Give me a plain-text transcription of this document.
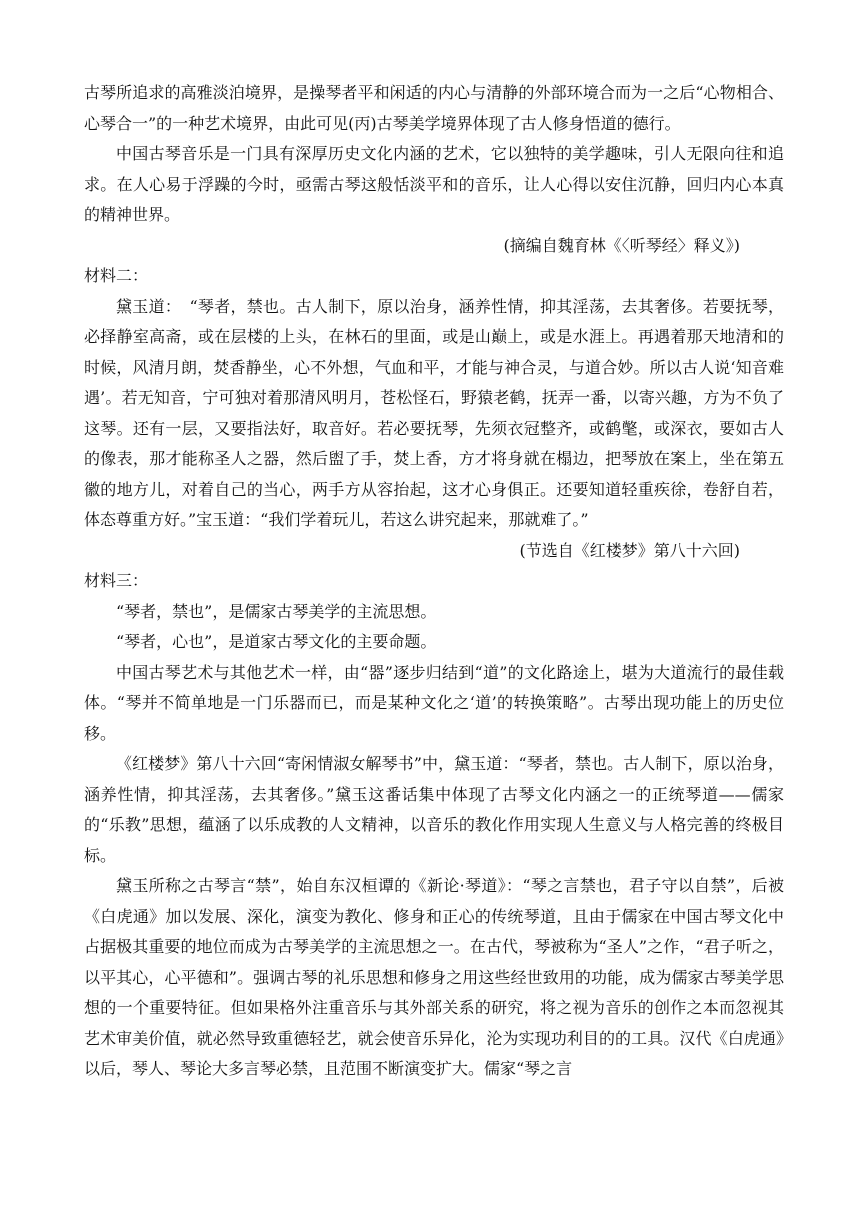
古琴所追求的高雅淡泊境界，是操琴者平和闲适的内心与清静的外部环境合而为一之后“心物相合、心琴合一”的一种艺术境界，由此可见(丙)古琴美学境界体现了古人修身悟道的德行。

中国古琴音乐是一门具有深厚历史文化内涵的艺术，它以独特的美学趣味，引人无限向往和追求。在人心易于浮躁的今时，亟需古琴这般恬淡平和的音乐，让人心得以安住沉静，回归内心本真的精神世界。

(摘编自魏育林《〈听琴经〉释义》)

材料二：

黛玉道：　“琴者，禁也。古人制下，原以治身，涵养性情，抑其淫荡，去其奢侈。若要抚琴，必择静室高斋，或在层楼的上头，在林石的里面，或是山巅上，或是水涯上。再遇着那天地清和的时候，风清月朗，焚香静坐，心不外想，气血和平，才能与神合灵，与道合妙。所以古人说‘知音难遇’。若无知音，宁可独对着那清风明月，苍松怪石，野猿老鹤，抚弄一番，以寄兴趣，方为不负了这琴。还有一层，又要指法好，取音好。若必要抚琴，先须衣冠整齐，或鹤氅，或深衣，要如古人的像表，那才能称圣人之器，然后盥了手，焚上香，方才将身就在榻边，把琴放在案上，坐在第五徽的地方儿，对着自己的当心，两手方从容抬起，这才心身俱正。还要知道轻重疾徐，卷舒自若，体态尊重方好。”宝玉道：“我们学着玩儿，若这么讲究起来，那就难了。”

(节选自《红楼梦》第八十六回)

材料三：

“琴者，禁也”，是儒家古琴美学的主流思想。

“琴者，心也”，是道家古琴文化的主要命题。

中国古琴艺术与其他艺术一样，由“器”逐步归结到“道”的文化路途上，堪为大道流行的最佳载体。“琴并不简单地是一门乐器而已，而是某种文化之‘道’的转换策略”。古琴出现功能上的历史位移。

《红楼梦》第八十六回“寄闲情淑女解琴书”中，黛玉道：“琴者，禁也。古人制下，原以治身，涵养性情，抑其淫荡，去其奢侈。”黛玉这番话集中体现了古琴文化内涵之一的正统琴道——儒家的“乐教”思想，蕴涵了以乐成教的人文精神，以音乐的教化作用实现人生意义与人格完善的终极目标。

黛玉所称之古琴言“禁”，始自东汉桓谭的《新论·琴道》：“琴之言禁也，君子守以自禁”，后被《白虎通》加以发展、深化，演变为教化、修身和正心的传统琴道，且由于儒家在中国古琴文化中占据极其重要的地位而成为古琴美学的主流思想之一。在古代，琴被称为“圣人”之作，“君子听之，以平其心，心平德和”。强调古琴的礼乐思想和修身之用这些经世致用的功能，成为儒家古琴美学思想的一个重要特征。但如果格外注重音乐与其外部关系的研究，将之视为音乐的创作之本而忽视其艺术审美价值，就必然导致重德轻艺，就会使音乐异化，沦为实现功利目的的工具。汉代《白虎通》以后，琴人、琴论大多言琴必禁，且范围不断演变扩大。儒家“琴之言
